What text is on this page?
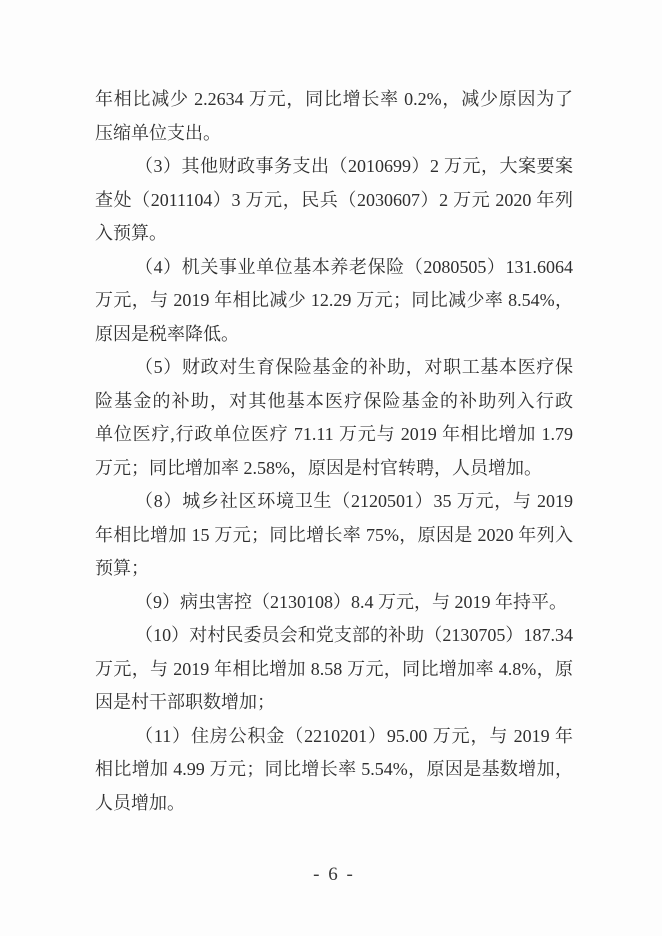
年相比减少 2.2634 万元，同比增长率 0.2%，减少原因为了
压缩单位支出。
（3）其他财政事务支出（2010699）2 万元，大案要案
查处（2011104）3 万元，民兵（2030607）2 万元 2020 年列
入预算。
（4）机关事业单位基本养老保险（2080505）131.6064
万元，与 2019 年相比减少 12.29 万元；同比减少率 8.54%，
原因是税率降低。
（5）财政对生育保险基金的补助，对职工基本医疗保
险基金的补助，对其他基本医疗保险基金的补助列入行政
单位医疗,行政单位医疗 71.11 万元与 2019 年相比增加 1.79
万元；同比增加率 2.58%，原因是村官转聘，人员增加。
（8）城乡社区环境卫生（2120501）35 万元，与 2019
年相比增加 15 万元；同比增长率 75%，原因是 2020 年列入
预算；
（9）病虫害控（2130108）8.4 万元，与 2019 年持平。
（10）对村民委员会和党支部的补助（2130705）187.34
万元，与 2019 年相比增加 8.58 万元，同比增加率 4.8%，原
因是村干部职数增加；
（11）住房公积金（2210201）95.00 万元，与 2019 年
相比增加 4.99 万元；同比增长率 5.54%，原因是基数增加，
人员增加。
- 6 -
